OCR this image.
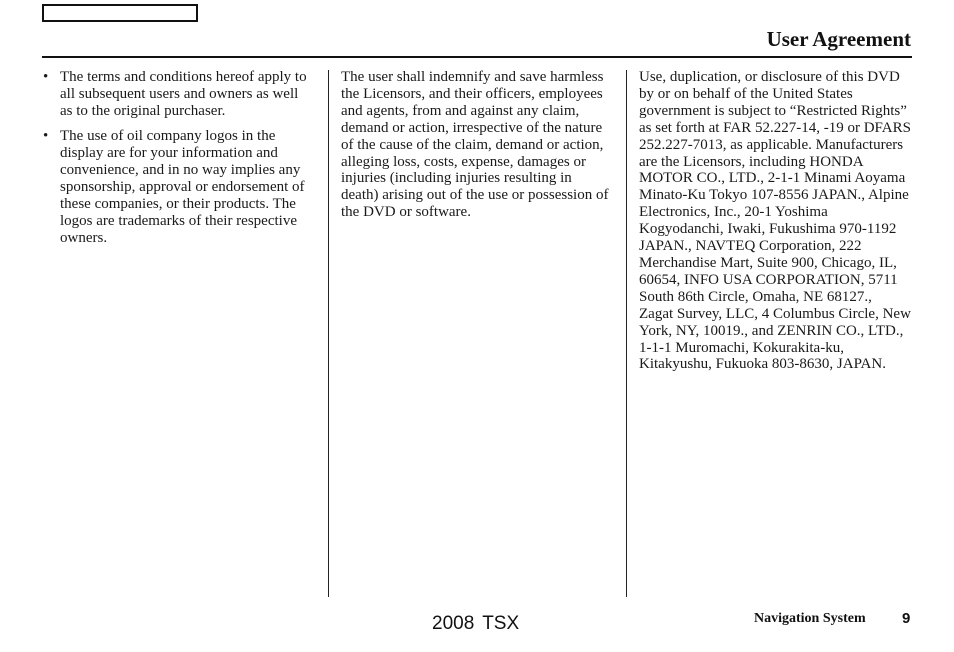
User Agreement
• The terms and conditions hereof apply to all subsequent users and owners as well as to the original purchaser.
• The use of oil company logos in the display are for your information and convenience, and in no way implies any sponsorship, approval or endorsement of these companies, or their products. The logos are trademarks of their respective owners.

The user shall indemnify and save harmless the Licensors, and their officers, employees and agents, from and against any claim, demand or action, irrespective of the nature of the cause of the claim, demand or action, alleging loss, costs, expense, damages or injuries (including injuries resulting in death) arising out of the use or possession of the DVD or software.

Use, duplication, or disclosure of this DVD by or on behalf of the United States government is subject to “Restricted Rights” as set forth at FAR 52.227-14, -19 or DFARS 252.227-7013, as applicable. Manufacturers are the Licensors, including HONDA MOTOR CO., LTD., 2-1-1 Minami Aoyama Minato-Ku Tokyo 107-8556 JAPAN., Alpine Electronics, Inc., 20-1 Yoshima Kogyodanchi, Iwaki, Fukushima 970-1192 JAPAN., NAVTEQ Corporation, 222 Merchandise Mart, Suite 900, Chicago, IL, 60654, INFO USA CORPORATION, 5711 South 86th Circle, Omaha, NE 68127.,

Zagat Survey, LLC, 4 Columbus Circle, New York, NY, 10019., and ZENRIN CO., LTD., 1-1-1 Muromachi, Kokurakita-ku, Kitakyushu, Fukuoka 803-8630, JAPAN.

2008 TSX	Navigation System 9
